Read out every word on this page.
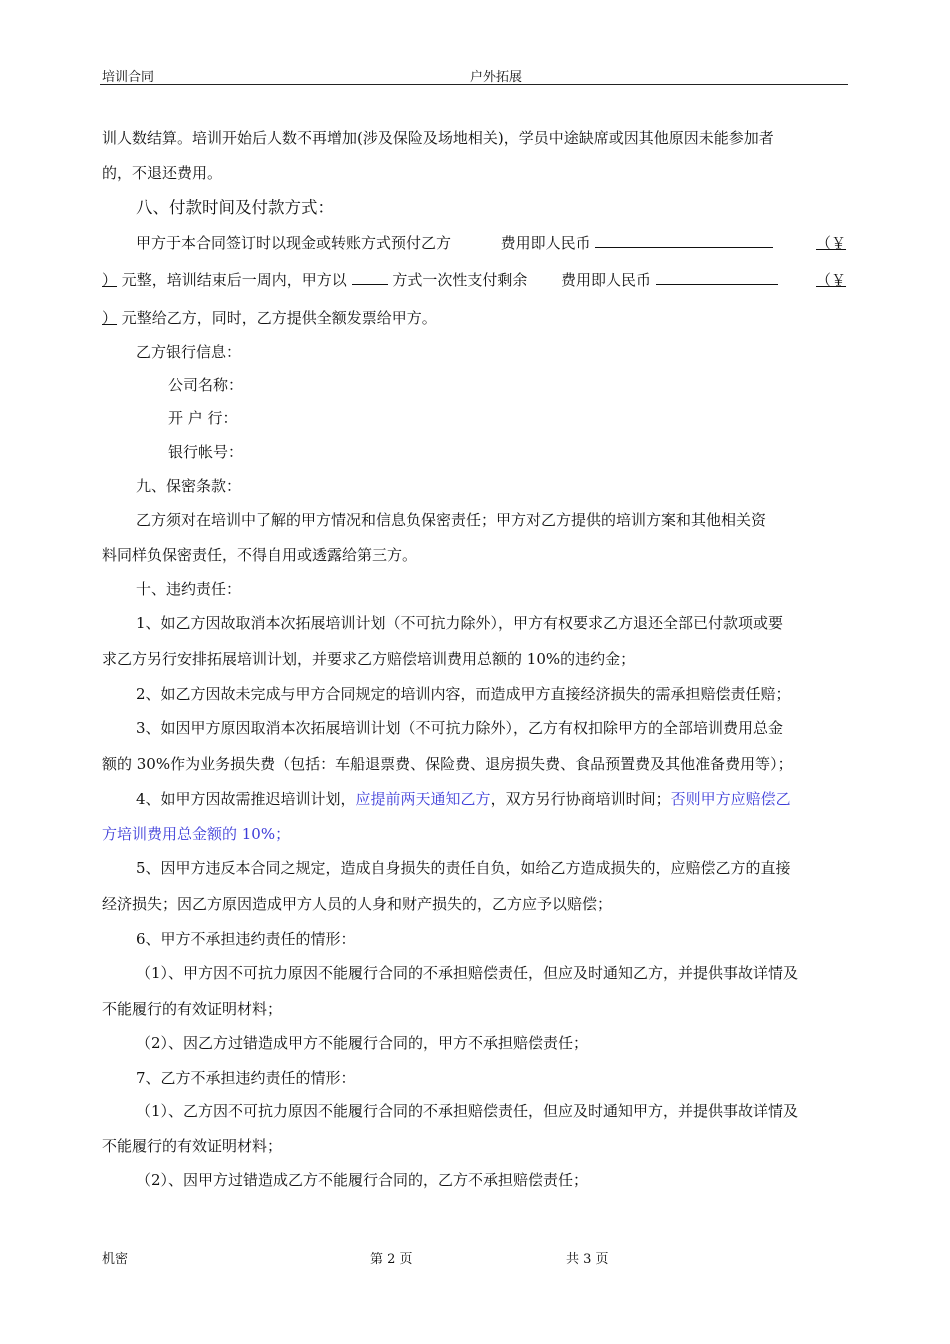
培训合同	户外拓展
训人数结算。培训开始后人数不再增加(涉及保险及场地相关)，学员中途缺席或因其他原因未能参加者
的，不退还费用。
八、付款时间及付款方式：
甲方于本合同签订时以现金或转账方式预付乙方	费用即人民币	（￥
） 元整，培训结束后一周内，甲方以	方式一次性支付剩余 费用即人民币	（￥
） 元整给乙方，同时，乙方提供全额发票给甲方。
乙方银行信息：
公司名称：
开 户 行：
银行帐号：
九、保密条款：
乙方须对在培训中了解的甲方情况和信息负保密责任；甲方对乙方提供的培训方案和其他相关资
料同样负保密责任，不得自用或透露给第三方。
十、违约责任：
1、如乙方因故取消本次拓展培训计划（不可抗力除外），甲方有权要求乙方退还全部已付款项或要
求乙方另行安排拓展培训计划，并要求乙方赔偿培训费用总额的 10%的违约金；
2、如乙方因故未完成与甲方合同规定的培训内容，而造成甲方直接经济损失的需承担赔偿责任赔；
3、如因甲方原因取消本次拓展培训计划（不可抗力除外），乙方有权扣除甲方的全部培训费用总金
额的 30%作为业务损失费（包括：车船退票费、保险费、退房损失费、食品预置费及其他准备费用等）；
4、如甲方因故需推迟培训计划，应提前两天通知乙方，双方另行协商培训时间；否则甲方应赔偿乙
方培训费用总金额的 10%；
5、因甲方违反本合同之规定，造成自身损失的责任自负，如给乙方造成损失的，应赔偿乙方的直接
经济损失；因乙方原因造成甲方人员的人身和财产损失的，乙方应予以赔偿；
6、甲方不承担违约责任的情形：
（1）、甲方因不可抗力原因不能履行合同的不承担赔偿责任，但应及时通知乙方，并提供事故详情及
不能履行的有效证明材料；
（2）、因乙方过错造成甲方不能履行合同的，甲方不承担赔偿责任；
7、乙方不承担违约责任的情形：
（1）、乙方因不可抗力原因不能履行合同的不承担赔偿责任，但应及时通知甲方，并提供事故详情及
不能履行的有效证明材料；
（2）、因甲方过错造成乙方不能履行合同的，乙方不承担赔偿责任；
机密	第 2 页	共 3 页
